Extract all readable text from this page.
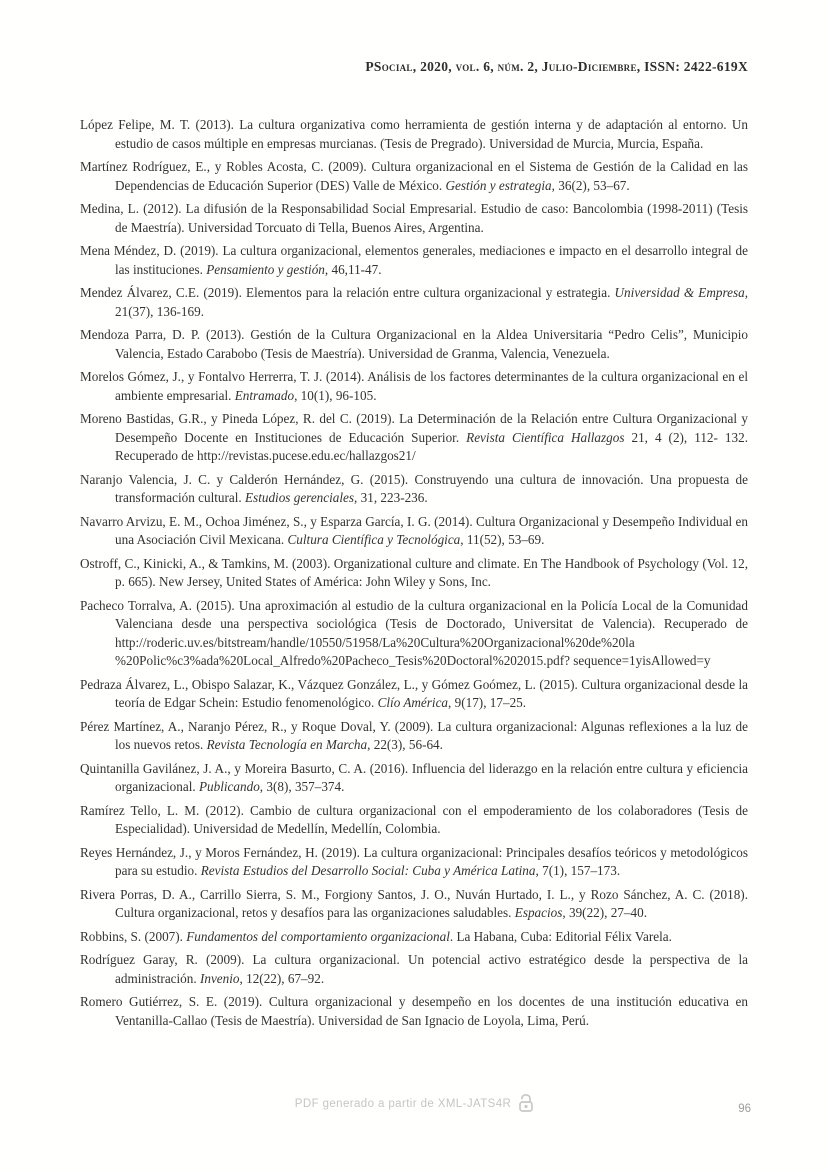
PSocial, 2020, vol. 6, núm. 2, Julio-Diciembre, ISSN: 2422-619X

López Felipe, M. T. (2013). La cultura organizativa como herramienta de gestión interna y de adaptación al entorno. Un estudio de casos múltiple en empresas murcianas. (Tesis de Pregrado). Universidad de Murcia, Murcia, España.

Martínez Rodríguez, E., y Robles Acosta, C. (2009). Cultura organizacional en el Sistema de Gestión de la Calidad en las Dependencias de Educación Superior (DES) Valle de México. Gestión y estrategia, 36(2), 53–67.

Medina, L. (2012). La difusión de la Responsabilidad Social Empresarial. Estudio de caso: Bancolombia (1998-2011) (Tesis de Maestría). Universidad Torcuato di Tella, Buenos Aires, Argentina.

Mena Méndez, D. (2019). La cultura organizacional, elementos generales, mediaciones e impacto en el desarrollo integral de las instituciones. Pensamiento y gestión, 46,11-47.

Mendez Álvarez, C.E. (2019). Elementos para la relación entre cultura organizacional y estrategia. Universidad & Empresa, 21(37), 136-169.

Mendoza Parra, D. P. (2013). Gestión de la Cultura Organizacional en la Aldea Universitaria “Pedro Celis”, Municipio Valencia, Estado Carabobo (Tesis de Maestría). Universidad de Granma, Valencia, Venezuela.

Morelos Gómez, J., y Fontalvo Herrerra, T. J. (2014). Análisis de los factores determinantes de la cultura organizacional en el ambiente empresarial. Entramado, 10(1), 96-105.

Moreno Bastidas, G.R., y Pineda López, R. del C. (2019). La Determinación de la Relación entre Cultura Organizacional y Desempeño Docente en Instituciones de Educación Superior. Revista Científica Hallazgos 21, 4 (2), 112- 132. Recuperado de http://revistas.pucese.edu.ec/hallazgos21/

Naranjo Valencia, J. C. y Calderón Hernández, G. (2015). Construyendo una cultura de innovación. Una propuesta de transformación cultural. Estudios gerenciales, 31, 223-236.

Navarro Arvizu, E. M., Ochoa Jiménez, S., y Esparza García, I. G. (2014). Cultura Organizacional y Desempeño Individual en una Asociación Civil Mexicana. Cultura Científica y Tecnológica, 11(52), 53–69.

Ostroff, C., Kinicki, A., & Tamkins, M. (2003). Organizational culture and climate. En The Handbook of Psychology (Vol. 12, p. 665). New Jersey, United States of América: John Wiley y Sons, Inc.

Pacheco Torralva, A. (2015). Una aproximación al estudio de la cultura organizacional en la Policía Local de la Comunidad Valenciana desde una perspectiva sociológica (Tesis de Doctorado, Universitat de Valencia). Recuperado de http://roderic.uv.es/bitstream/handle/10550/51958/La%20Cultura%20Organizacional%20de%20la %20Polic%c3%ada%20Local_Alfredo%20Pacheco_Tesis%20Doctoral%202015.pdf? sequence=1yisAllowed=y

Pedraza Álvarez, L., Obispo Salazar, K., Vázquez González, L., y Gómez Goómez, L. (2015). Cultura organizacional desde la teoría de Edgar Schein: Estudio fenomenológico. Clío América, 9(17), 17–25.

Pérez Martínez, A., Naranjo Pérez, R., y Roque Doval, Y. (2009). La cultura organizacional: Algunas reflexiones a la luz de los nuevos retos. Revista Tecnología en Marcha, 22(3), 56-64.

Quintanilla Gavilánez, J. A., y Moreira Basurto, C. A. (2016). Influencia del liderazgo en la relación entre cultura y eficiencia organizacional. Publicando, 3(8), 357–374.

Ramírez Tello, L. M. (2012). Cambio de cultura organizacional con el empoderamiento de los colaboradores (Tesis de Especialidad). Universidad de Medellín, Medellín, Colombia.

Reyes Hernández, J., y Moros Fernández, H. (2019). La cultura organizacional: Principales desafíos teóricos y metodológicos para su estudio. Revista Estudios del Desarrollo Social: Cuba y América Latina, 7(1), 157–173.

Rivera Porras, D. A., Carrillo Sierra, S. M., Forgiony Santos, J. O., Nuván Hurtado, I. L., y Rozo Sánchez, A. C. (2018). Cultura organizacional, retos y desafíos para las organizaciones saludables. Espacios, 39(22), 27–40.

Robbins, S. (2007). Fundamentos del comportamiento organizacional. La Habana, Cuba: Editorial Félix Varela.

Rodríguez Garay, R. (2009). La cultura organizacional. Un potencial activo estratégico desde la perspectiva de la administración. Invenio, 12(22), 67–92.

Romero Gutiérrez, S. E. (2019). Cultura organizacional y desempeño en los docentes de una institución educativa en Ventanilla-Callao (Tesis de Maestría). Universidad de San Ignacio de Loyola, Lima, Perú.

PDF generado a partir de XML-JATS4R	96
